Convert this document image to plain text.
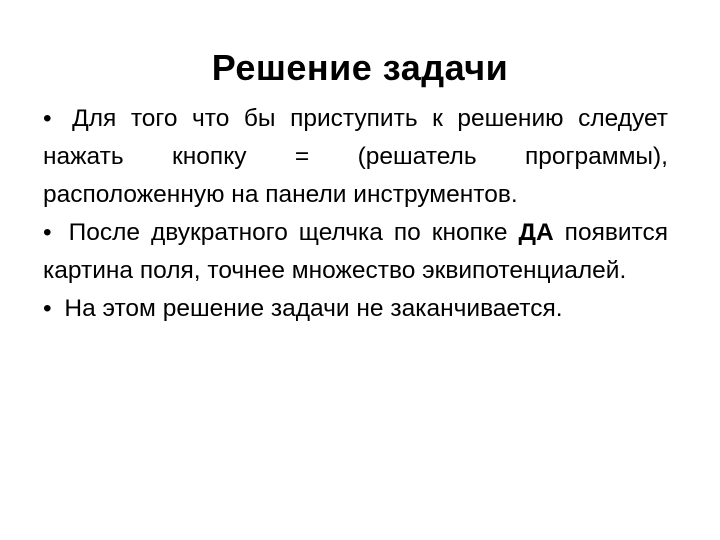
Решение задачи

• Для того что бы приступить к решению следует нажать кнопку = (решатель программы), расположенную на панели инструментов.

• После двукратного щелчка по кнопке ДА появится картина поля, точнее множество эквипотенциалей.

• На этом решение задачи не заканчивается.
